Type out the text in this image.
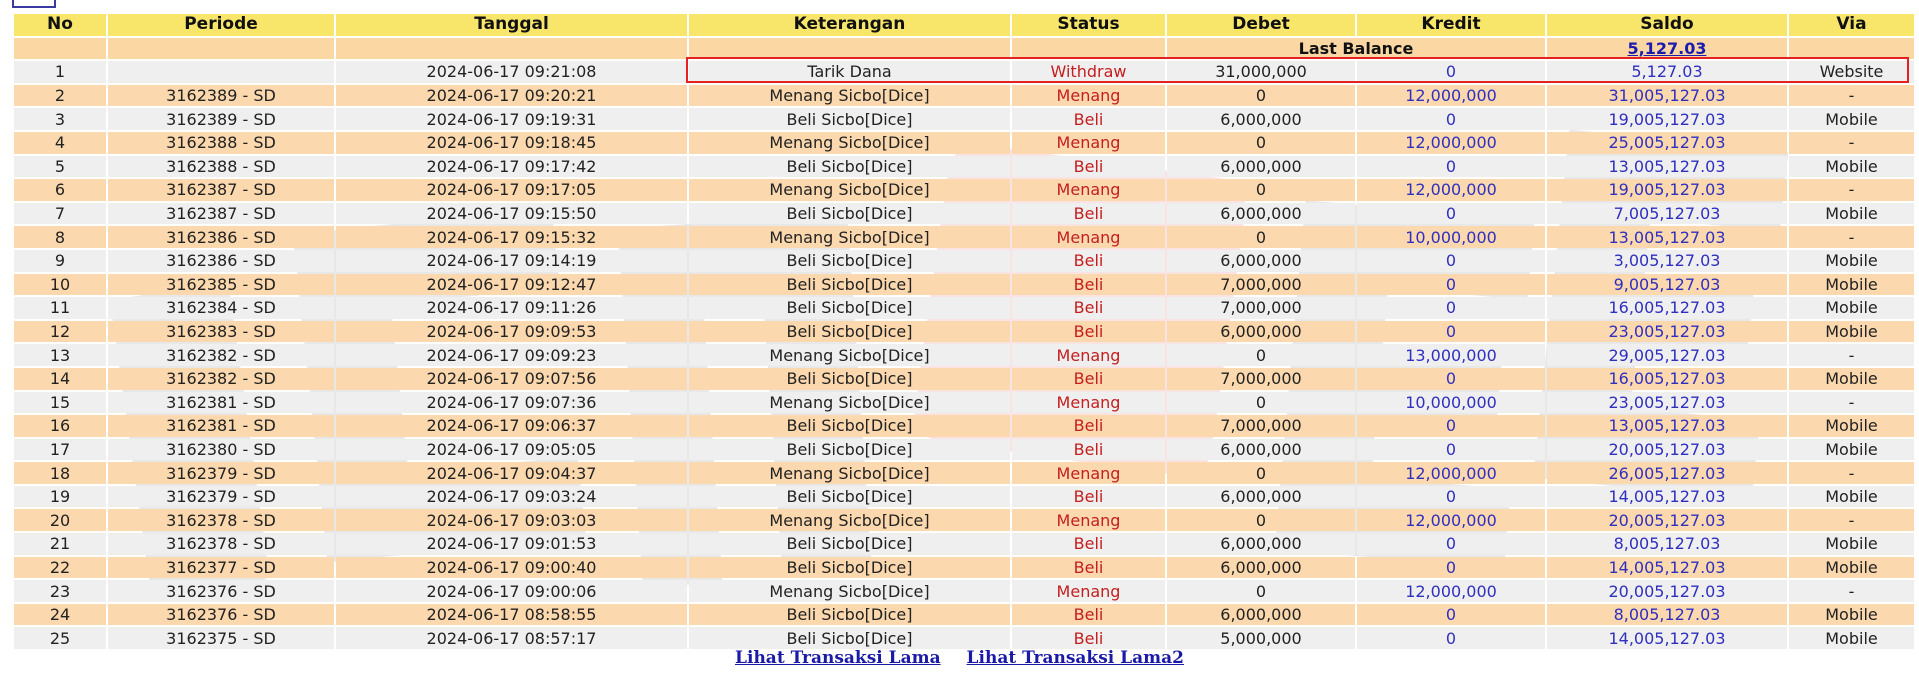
No	Periode	Tanggal	Keterangan	Status	Debet	Kredit	Saldo	Via
					Last Balance		5,127.03	
1		2024-06-17 09:21:08	Tarik Dana	Withdraw	31,000,000	0	5,127.03	Website
2	3162389 - SD	2024-06-17 09:20:21	Menang Sicbo[Dice]	Menang	0	12,000,000	31,005,127.03	-
3	3162389 - SD	2024-06-17 09:19:31	Beli Sicbo[Dice]	Beli	6,000,000	0	19,005,127.03	Mobile
4	3162388 - SD	2024-06-17 09:18:45	Menang Sicbo[Dice]	Menang	0	12,000,000	25,005,127.03	-
5	3162388 - SD	2024-06-17 09:17:42	Beli Sicbo[Dice]	Beli	6,000,000	0	13,005,127.03	Mobile
6	3162387 - SD	2024-06-17 09:17:05	Menang Sicbo[Dice]	Menang	0	12,000,000	19,005,127.03	-
7	3162387 - SD	2024-06-17 09:15:50	Beli Sicbo[Dice]	Beli	6,000,000	0	7,005,127.03	Mobile
8	3162386 - SD	2024-06-17 09:15:32	Menang Sicbo[Dice]	Menang	0	10,000,000	13,005,127.03	-
9	3162386 - SD	2024-06-17 09:14:19	Beli Sicbo[Dice]	Beli	6,000,000	0	3,005,127.03	Mobile
10	3162385 - SD	2024-06-17 09:12:47	Beli Sicbo[Dice]	Beli	7,000,000	0	9,005,127.03	Mobile
11	3162384 - SD	2024-06-17 09:11:26	Beli Sicbo[Dice]	Beli	7,000,000	0	16,005,127.03	Mobile
12	3162383 - SD	2024-06-17 09:09:53	Beli Sicbo[Dice]	Beli	6,000,000	0	23,005,127.03	Mobile
13	3162382 - SD	2024-06-17 09:09:23	Menang Sicbo[Dice]	Menang	0	13,000,000	29,005,127.03	-
14	3162382 - SD	2024-06-17 09:07:56	Beli Sicbo[Dice]	Beli	7,000,000	0	16,005,127.03	Mobile
15	3162381 - SD	2024-06-17 09:07:36	Menang Sicbo[Dice]	Menang	0	10,000,000	23,005,127.03	-
16	3162381 - SD	2024-06-17 09:06:37	Beli Sicbo[Dice]	Beli	7,000,000	0	13,005,127.03	Mobile
17	3162380 - SD	2024-06-17 09:05:05	Beli Sicbo[Dice]	Beli	6,000,000	0	20,005,127.03	Mobile
18	3162379 - SD	2024-06-17 09:04:37	Menang Sicbo[Dice]	Menang	0	12,000,000	26,005,127.03	-
19	3162379 - SD	2024-06-17 09:03:24	Beli Sicbo[Dice]	Beli	6,000,000	0	14,005,127.03	Mobile
20	3162378 - SD	2024-06-17 09:03:03	Menang Sicbo[Dice]	Menang	0	12,000,000	20,005,127.03	-
21	3162378 - SD	2024-06-17 09:01:53	Beli Sicbo[Dice]	Beli	6,000,000	0	8,005,127.03	Mobile
22	3162377 - SD	2024-06-17 09:00:40	Beli Sicbo[Dice]	Beli	6,000,000	0	14,005,127.03	Mobile
23	3162376 - SD	2024-06-17 09:00:06	Menang Sicbo[Dice]	Menang	0	12,000,000	20,005,127.03	-
24	3162376 - SD	2024-06-17 08:58:55	Beli Sicbo[Dice]	Beli	6,000,000	0	8,005,127.03	Mobile
25	3162375 - SD	2024-06-17 08:57:17	Beli Sicbo[Dice]	Beli	5,000,000	0	14,005,127.03	Mobile
Lihat Transaksi Lama Lihat Transaksi Lama2
